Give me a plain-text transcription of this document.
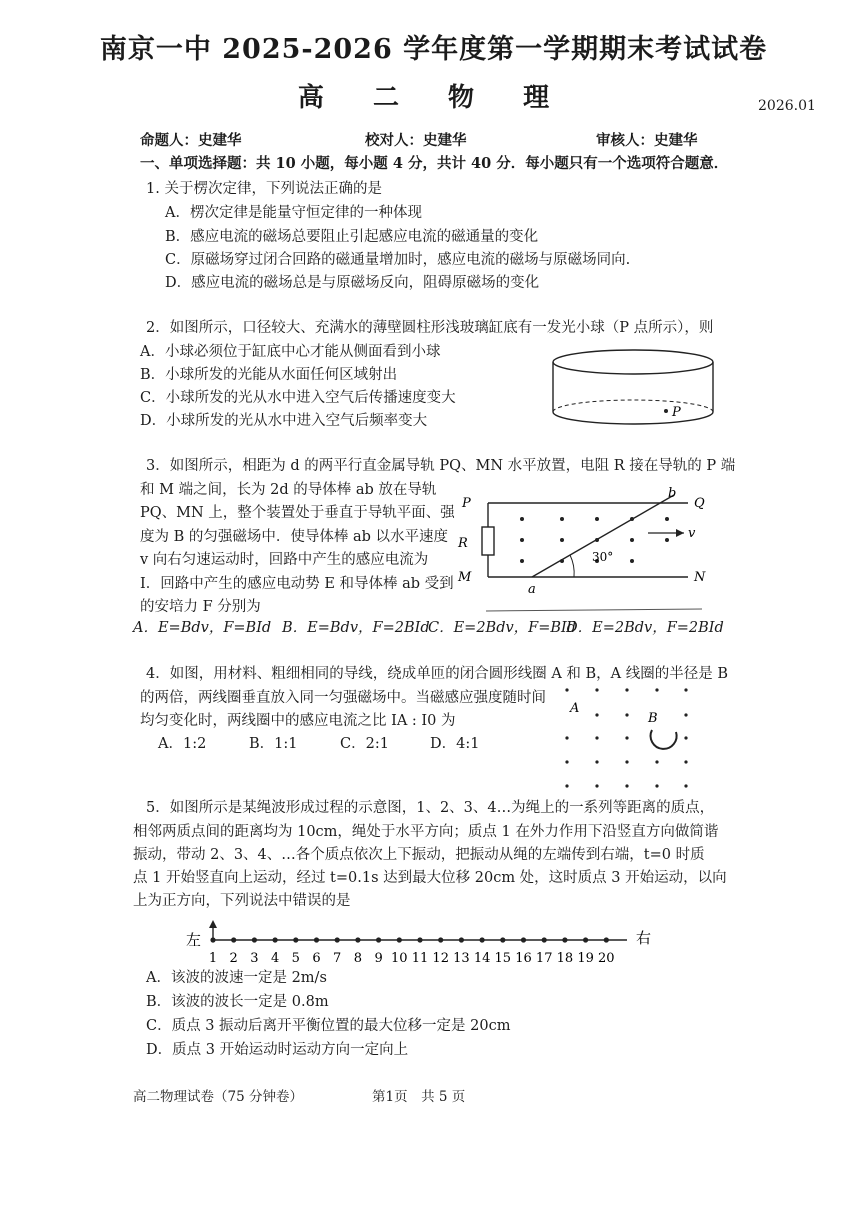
南京一中 2025-2026 学年度第一学期期末考试试卷
高 二 物 理	2026.01
命题人：史建华	校对人：史建华	审核人：史建华
一、单项选择题：共 10 小题，每小题 4 分，共计 40 分．每小题只有一个选项符合题意．
1. 关于楞次定律，下列说法正确的是
A．楞次定律是能量守恒定律的一种体现
B．感应电流的磁场总要阻止引起感应电流的磁通量的变化
C．原磁场穿过闭合回路的磁通量增加时，感应电流的磁场与原磁场同向.
D．感应电流的磁场总是与原磁场反向，阻碍原磁场的变化
2．如图所示，口径较大、充满水的薄壁圆柱形浅玻璃缸底有一发光小球（P 点所示），则
A．小球必须位于缸底中心才能从侧面看到小球
B．小球所发的光能从水面任何区域射出
C．小球所发的光从水中进入空气后传播速度变大
D．小球所发的光从水中进入空气后频率变大
P
3．如图所示，相距为 d 的两平行直金属导轨 PQ、MN 水平放置，电阻 R 接在导轨的 P 端
和 M 端之间，长为 2d 的导体棒 ab 放在导轨
PQ、MN 上，整个装置处于垂直于导轨平面、强
度为 B 的匀强磁场中．使导体棒 ab 以水平速度
v 向右匀速运动时，回路中产生的感应电流为
I．回路中产生的感应电动势 E 和导体棒 ab 受到
的安培力 F 分别为
A．E=Bdv，F=BId B．E=Bdv，F=2BId
C．E=2Bdv，F=BId
D．E=2Bdv，F=2BId
P	Q
M	N
R
a
b
v
30°
4．如图，用材料、粗细相同的导线，绕成单匝的闭合圆形线圈 A 和 B，A 线圈的半径是 B
的两倍，两线圈垂直放入同一匀强磁场中。当磁感应强度随时间
均匀变化时，两线圈中的感应电流之比 IA : I0 为
A．1:2	B．1:1	C．2:1	D．4:1
A
B
5．如图所示是某绳波形成过程的示意图，1、2、3、4…为绳上的一系列等距离的质点，
相邻两质点间的距离均为 10cm，绳处于水平方向；质点 1 在外力作用下沿竖直方向做简谐
振动，带动 2、3、4、…各个质点依次上下振动，把振动从绳的左端传到右端，t=0 时质
点 1 开始竖直向上运动，经过 t=0.1s 达到最大位移 20cm 处，这时质点 3 开始运动，以向
上为正方向，下列说法中错误的是
左	右
1 2 3 4 5 6 7 8 9 10 11 12 13 14 15 16 17 18 19 20
A．该波的波速一定是 2m/s
B．该波的波长一定是 0.8m
C．质点 3 振动后离开平衡位置的最大位移一定是 20cm
D．质点 3 开始运动时运动方向一定向上
高二物理试卷（75 分钟卷）	第1页　共 5 页
